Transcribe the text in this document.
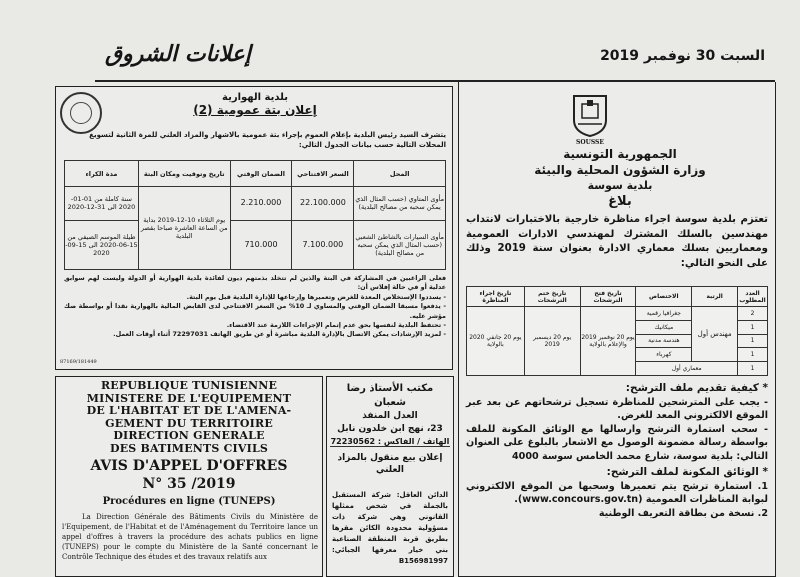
إعلانات الشروق	السبت 30 نوفمبر 2019
SOUSSE
الجمهورية التونسية
وزارة الشؤون المحلية والبيئة
بلدية سوسة
بلاغ
تعتزم بلدية سوسة اجراء مناظرة خارجية بالاختبارات لانتداب مهندسين بالسلك المشترك لمهندسي الادارات العمومية ومعماريين بسلك معماري الادارة بعنوان سنة 2019 وذلك على النحو التالي:
العدد المطلوب	الرتبة	الاختصاص	تاريخ فتح الترشحات	تاريخ ختم الترشحات	تاريخ اجراء المناظرة
2	مهندس أول	جغرافيا رقمية	يوم 20 نوفمبر 2019 والإعلام بالولاية	يوم 20 ديسمبر 2019	يوم 20 جانفي 2020 بالولاية
1		ميكانيك			
1		هندسة مدنية			
1		كهرباء			
1	معماري أول				
* كيفية تقديم ملف الترشح:
- يجب على المترشحين للمناظرة تسجيل ترشحاتهم عن بعد عبر الموقع الالكتروني المعد للغرض.
- سحب استمارة الترشح وارسالها مع الوثائق المكونة للملف بواسطة رسالة مضمونة الوصول مع الاشعار بالبلوغ على العنوان التالي: بلدية سوسة، شارع محمد الخامس سوسة 4000
* الوثائق المكونة لملف الترشح:
1. استمارة ترشح يتم تعميرها وسحبها من الموقع الالكتروني لبوابة المناظرات العمومية (www.concours.gov.tn).
2. نسخة من بطاقة التعريف الوطنية
بلدية الهوارية
إعلان بتة عمومية (2)
يتشرف السيد رئيس البلدية بإعلام العموم بإجراء بتة عمومية بالاشهار والمزاد العلني للمرة الثانية لتسويغ المحلات التالية حسب بيانات الجدول التالي:
المحل	السعر الافتتاحي	الضمان الوقتي	تاريخ وتوقيت ومكان البتة	مدة الكراء
مأوى المتاوي (حسب المثال الذي يمكن سحبه من مصالح البلدية)	22.100.000	2.210.000	يوم الثلاثاء 10-12-2019 بداية من الساعة العاشرة صباحا بقصر البلدية	سنة كاملة من 01-01-2020 الى 31-12-2020
مأوى السيارات بالشاطئ الشعبي (حسب المثال الذي يمكن سحبه من مصالح البلدية)	7.100.000	710.000		طيلة الموسم الصيفي من 15-06-2020 الى 15-09-2020
فعلى الراغبين في المشاركة في البتة والذين لم تتخلد بذمتهم ديون لفائدة بلدية الهوارية أو الدولة وليست لهم سوابق عدلية أو في حالة إفلاس أن:
- يسددوا الإستخلاص المعدة للغرض وتعميرها وإرجاعها للإدارة البلدية قبل يوم البتة.
- يدفعوا مسبقا الضمان الوقتي والمساوي لـ 10% من السعر الافتتاحي لدى القابض المالية بالهوارية نقدا أو بواسطة صك مؤشر عليه.
- تحتفظ البلدية لنفسها بحق عدم إتمام الإجراءات اللازمة عند الاقتضاء.
- لمزيد الإرشادات يمكن الاتصال بالإدارة البلدية مباشرة أو عن طريق الهاتف 72297031 أثناء أوقات العمل.
87169/181449
مكتب الأستاذ رضا شعبان
العدل المنفذ
23، نهج ابن خلدون نابل
الهاتف / الفاكس : 72230562
إعلان بيع منقول بالمزاد العلني
الدائن العاقل: شركة المستقبل بالجملة في شخص ممثلها القانوني وهي شركة ذات مسؤولية محدودة الكائن مقرها بطريق قربة المنطقة الصناعية بني خيار معرفها الجبائي: B156981997
REPUBLIQUE TUNISIENNE
MINISTERE DE L'EQUIPEMENT
DE L'HABITAT ET DE L'AMENA-
GEMENT DU TERRITOIRE
DIRECTION GENERALE
DES BATIMENTS CIVILS
AVIS D'APPEL D'OFFRES
N° 35 /2019
Procédures en ligne (TUNEPS)
La Direction Générale des Bâtiments Civils du Ministère de l'Equipement, de l'Habitat et de l'Aménagement du Territoire lance un appel d'offres à travers la procédure des achats publics en ligne (TUNEPS) pour le compte du Ministère de la Santé concernant le Contrôle Technique des études et des travaux relatifs aux
